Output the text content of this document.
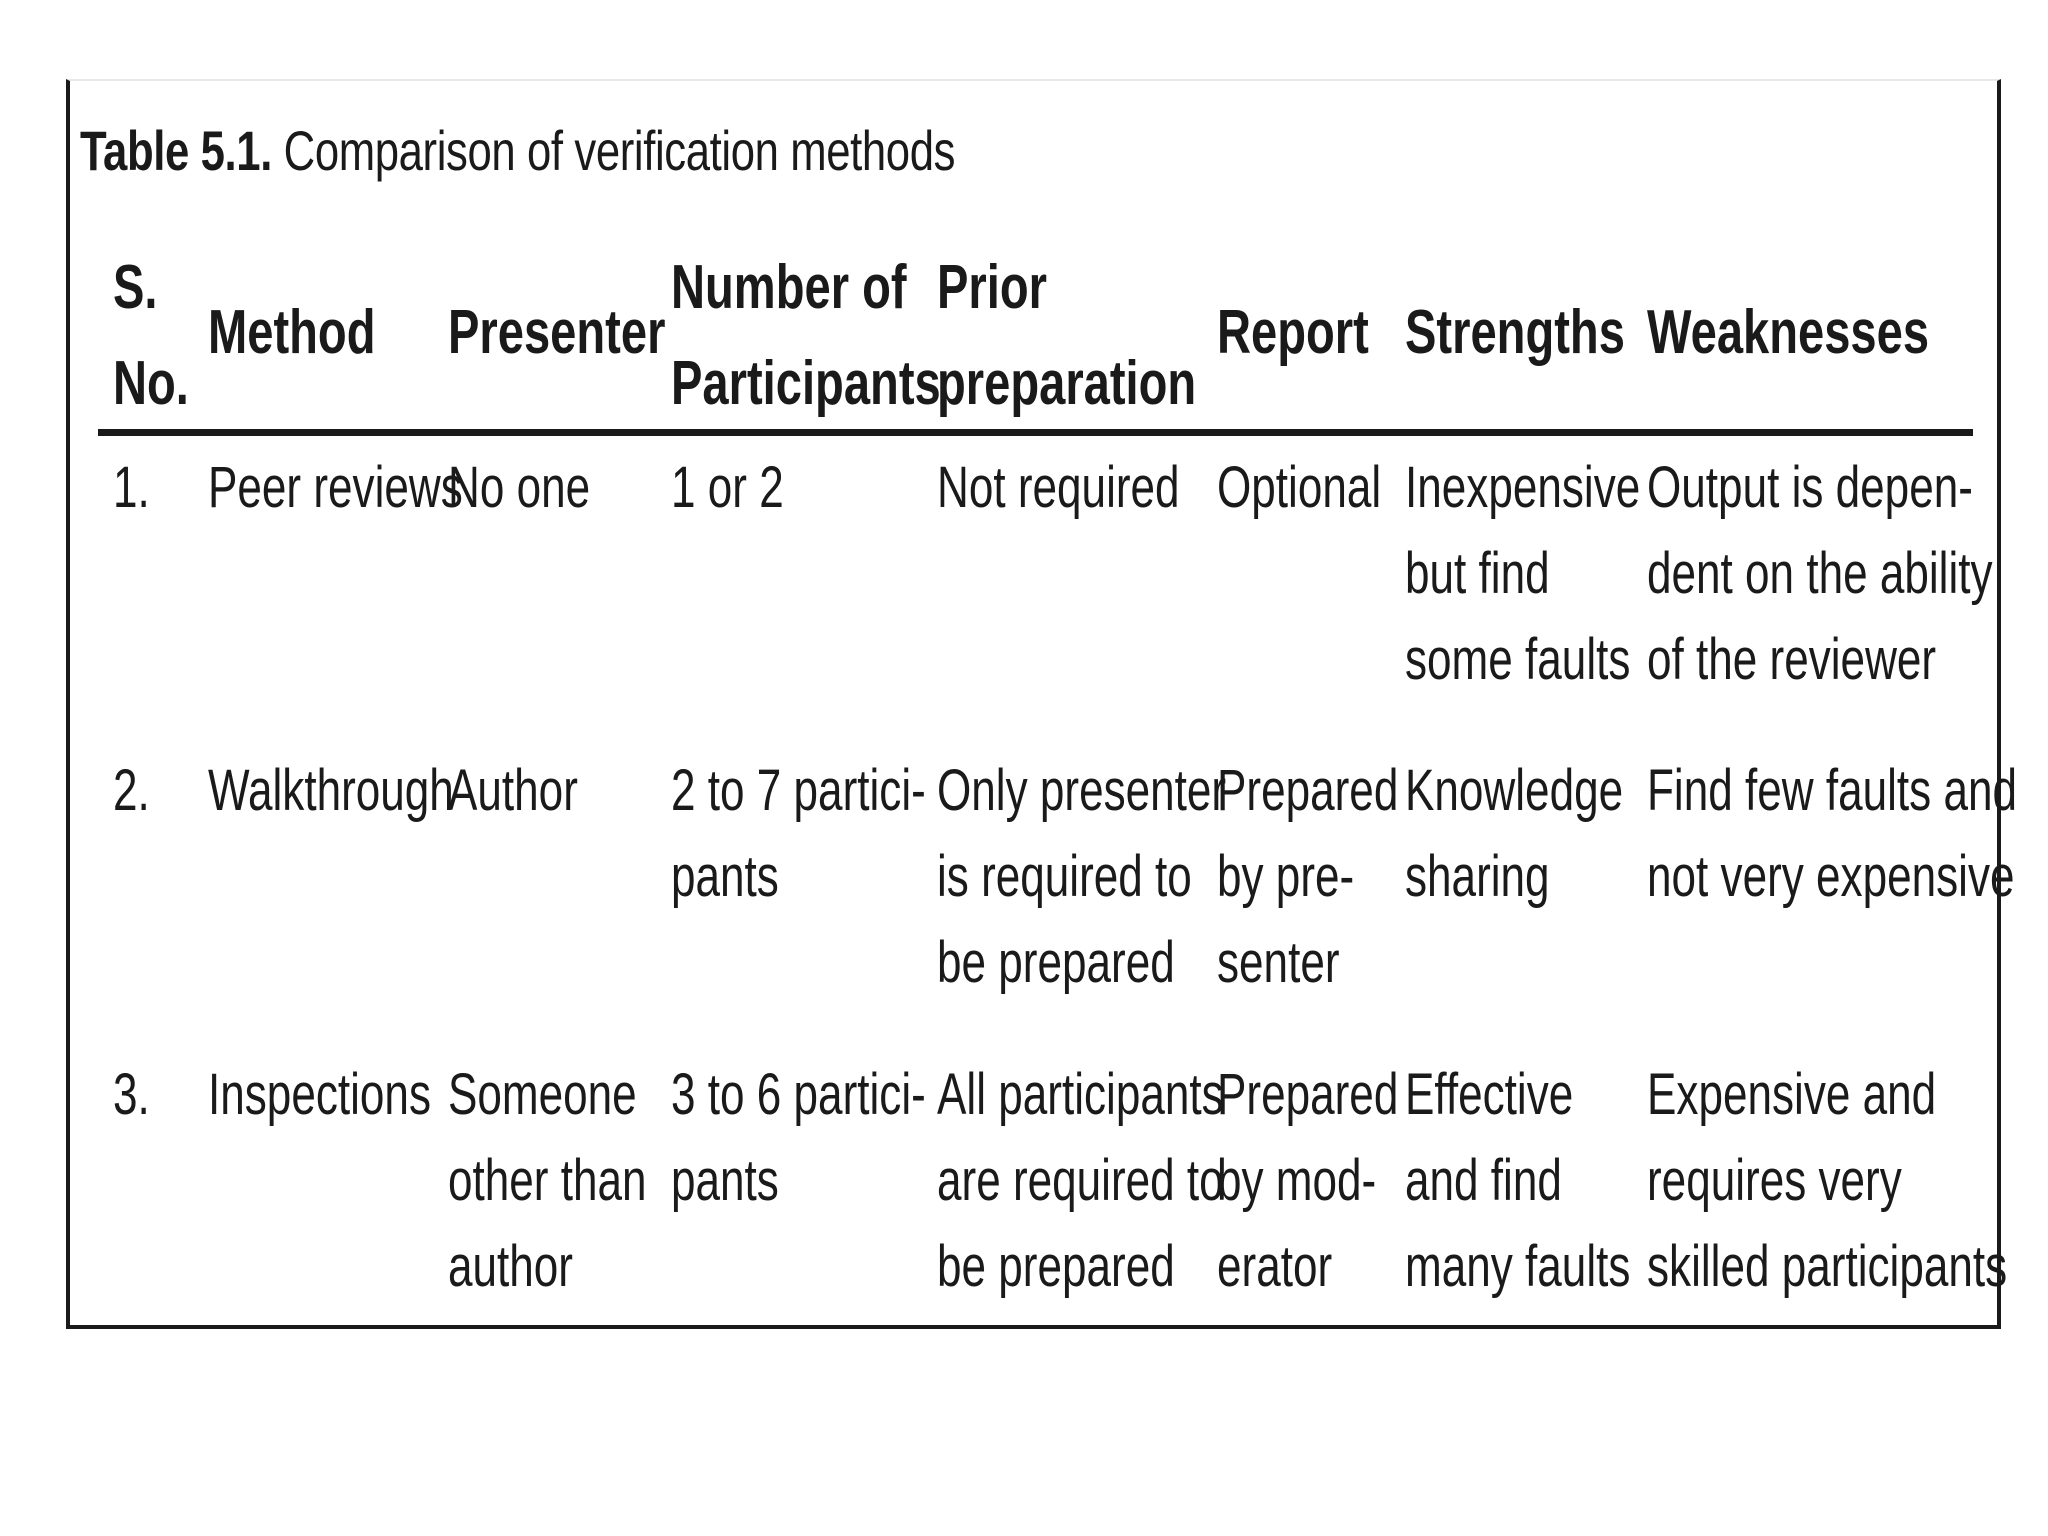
Table 5.1. Comparison of verification methods
S.
No.
Method Presenter
Number of
Participants
Prior
preparation
Report Strengths Weaknesses
1. Peer reviews
No one 1 or 2	Not required Optional Inexpensive
but find
some faults
Output is depen-
dent on the ability
of the reviewer
2. Walkthrough
Author 2 to 7 partici-
pants
Only presenter
is required to
be prepared
Prepared
by pre-
senter
Knowledge
sharing
Find few faults and
not very expensive
3. Inspections Someone
other than
author
3 to 6 partici-
pants
All participants
are required to
be prepared
Prepared
by mod-
erator
Effective
and find
many faults
Expensive and
requires very
skilled participants
